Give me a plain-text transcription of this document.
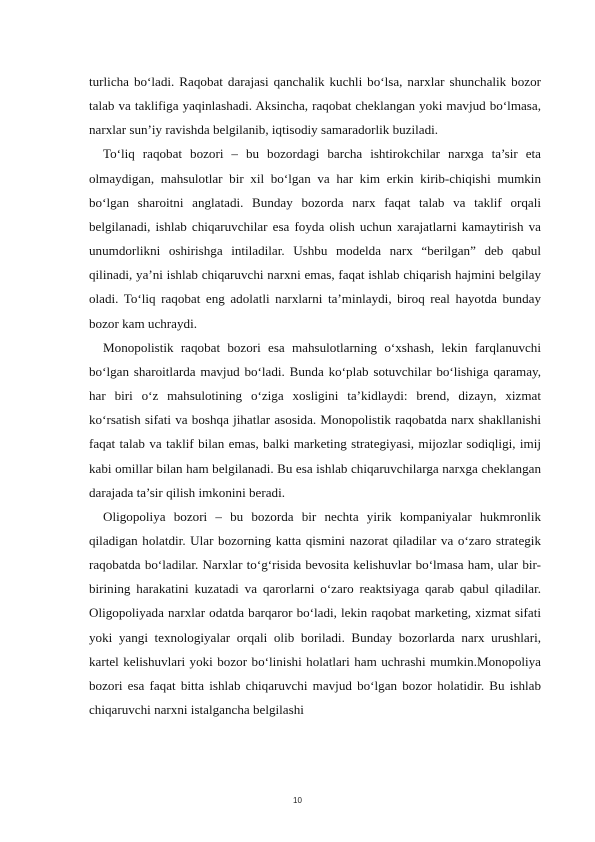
turlicha bo‘ladi. Raqobat darajasi qanchalik kuchli bo‘lsa, narxlar shunchalik bozor talab va taklifiga yaqinlashadi. Aksincha, raqobat cheklangan yoki mavjud bo‘lmasa, narxlar sun’iy ravishda belgilanib, iqtisodiy samaradorlik buziladi.

To‘liq raqobat bozori – bu bozordagi barcha ishtirokchilar narxga ta’sir eta olmaydigan, mahsulotlar bir xil bo‘lgan va har kim erkin kirib-chiqishi mumkin bo‘lgan sharoitni anglatadi. Bunday bozorda narx faqat talab va taklif orqali belgilanadi, ishlab chiqaruvchilar esa foyda olish uchun xarajatlarni kamaytirish va unumdorlikni oshirishga intiladilar. Ushbu modelda narx “berilgan” deb qabul qilinadi, ya’ni ishlab chiqaruvchi narxni emas, faqat ishlab chiqarish hajmini belgilay oladi. To‘liq raqobat eng adolatli narxlarni ta’minlaydi, biroq real hayotda bunday bozor kam uchraydi.

Monopolistik raqobat bozori esa mahsulotlarning o‘xshash, lekin farqlanuvchi bo‘lgan sharoitlarda mavjud bo‘ladi. Bunda ko‘plab sotuvchilar bo‘lishiga qaramay, har biri o‘z mahsulotining o‘ziga xosligini ta’kidlaydi: brend, dizayn, xizmat ko‘rsatish sifati va boshqa jihatlar asosida. Monopolistik raqobatda narx shakllanishi faqat talab va taklif bilan emas, balki marketing strategiyasi, mijozlar sodiqligi, imij kabi omillar bilan ham belgilanadi. Bu esa ishlab chiqaruvchilarga narxga cheklangan darajada ta’sir qilish imkonini beradi.

Oligopoliya bozori – bu bozorda bir nechta yirik kompaniyalar hukmronlik qiladigan holatdir. Ular bozorning katta qismini nazorat qiladilar va o‘zaro strategik raqobatda bo‘ladilar. Narxlar to‘g‘risida bevosita kelishuvlar bo‘lmasa ham, ular bir-birining harakatini kuzatadi va qarorlarni o‘zaro reaktsiyaga qarab qabul qiladilar. Oligopoliyada narxlar odatda barqaror bo‘ladi, lekin raqobat marketing, xizmat sifati yoki yangi texnologiyalar orqali olib boriladi. Bunday bozorlarda narx urushlari, kartel kelishuvlari yoki bozor bo‘linishi holatlari ham uchrashi mumkin.Monopoliya bozori esa faqat bitta ishlab chiqaruvchi mavjud bo‘lgan bozor holatidir. Bu ishlab chiqaruvchi narxni istalgancha belgilashi

10
